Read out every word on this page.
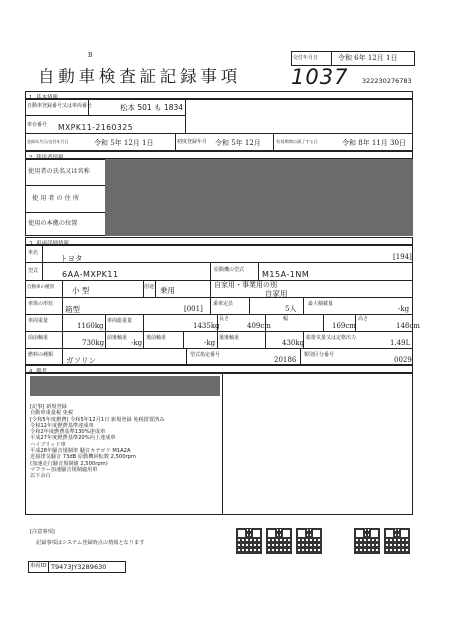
B
自動車検査証記録事項 1037
交付年月日	令和 6年 12月 1日
322230276783
1. 基本情報
自動車登録番号又は車両番号	松本 501 も 1834
車台番号 MXPK11-2160325
登録年月日/交付年月日	令和 5年 12月 1日	初度登録年月 令和 5年 12月	有効期間の満了する日	令和 8年 11月 30日
2. 使用者情報
使用者の氏名又は名称
使 用 者 の 住 所
使用の本拠の位置
3. 車両詳細情報
車名
トヨタ	[194]
型式	6AA-MXPK11	原動機の型式 M15A-1NM
自動車の種別 小 型	用途 乗用
自家用・事業用の別
自家用
車体の形状
箱型	[001]
乗車定員
5人
最大積載量
-kg
車両重量
1160kg
車両総重量
1435kg
長さ
409cm
幅
169cm
高さ
148cm
前前軸重
730kg
前後軸重
-kg
後前軸重
-kg
後後軸重
430kg
総排気量又は定格出力
1.49L
燃料の種類
ガソリン
型式指定番号
20186
類別区分番号
0029
4. 備考
[記事] 新規登録
自動車重量税 免税
[令和5年度燃費] 令和5年12月1日 新規登録 免税措置済み
令和12年度燃費基準達成車
令和2年度燃費基準130%達成車
平成27年度燃費基準20%向上達成車
ハイブリッド車
平成28年騒音規制車 騒音カテゴリ M1A2A
近接排気騒音 73dB 原動機回転数 2,500rpm
(加速走行騒音規制値 2,500rpm)
マフラー加速騒音規制適用車
以下余白
[注意事項]
記録事項はシステム登録時点の情報となります
車両ID T9473JY3289630
